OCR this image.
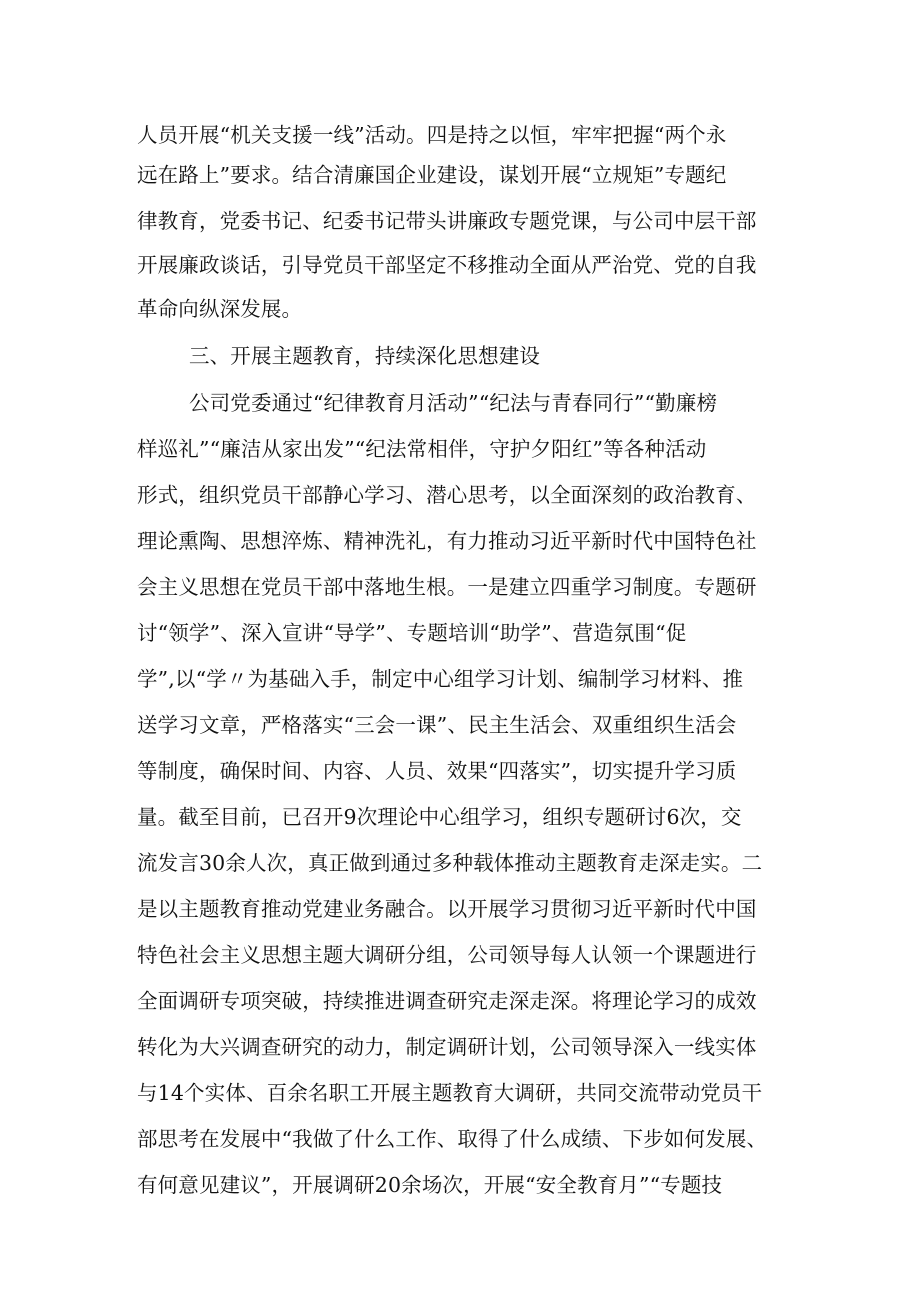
人员开展“机关支援一线”活动。四是持之以恒，牢牢把握“两个永
远在路上”要求。结合清廉国企业建设，谋划开展“立规矩”专题纪
律教育，党委书记、纪委书记带头讲廉政专题党课，与公司中层干部
开展廉政谈话，引导党员干部坚定不移推动全面从严治党、党的自我
革命向纵深发展。
三、开展主题教育，持续深化思想建设
公司党委通过“纪律教育月活动”“纪法与青春同行”“勤廉榜
样巡礼”“廉洁从家出发”“纪法常相伴，守护夕阳红”等各种活动
形式，组织党员干部静心学习、潜心思考，以全面深刻的政治教育、
理论熏陶、思想淬炼、精神洗礼，有力推动习近平新时代中国特色社
会主义思想在党员干部中落地生根。一是建立四重学习制度。专题研
讨“领学”、深入宣讲“导学”、专题培训“助学”、营造氛围“促
学”,以“学〃为基础入手，制定中心组学习计划、编制学习材料、推
送学习文章，严格落实“三会一课”、民主生活会、双重组织生活会
等制度，确保时间、内容、人员、效果“四落实”，切实提升学习质
量。截至目前，已召开9次理论中心组学习，组织专题研讨6次，交
流发言30余人次，真正做到通过多种载体推动主题教育走深走实。二
是以主题教育推动党建业务融合。以开展学习贯彻习近平新时代中国
特色社会主义思想主题大调研分组，公司领导每人认领一个课题进行
全面调研专项突破，持续推进调查研究走深走深。将理论学习的成效
转化为大兴调查研究的动力，制定调研计划，公司领导深入一线实体
与14个实体、百余名职工开展主题教育大调研，共同交流带动党员干
部思考在发展中“我做了什么工作、取得了什么成绩、下步如何发展、
有何意见建议”，开展调研20余场次，开展“安全教育月”“专题技
